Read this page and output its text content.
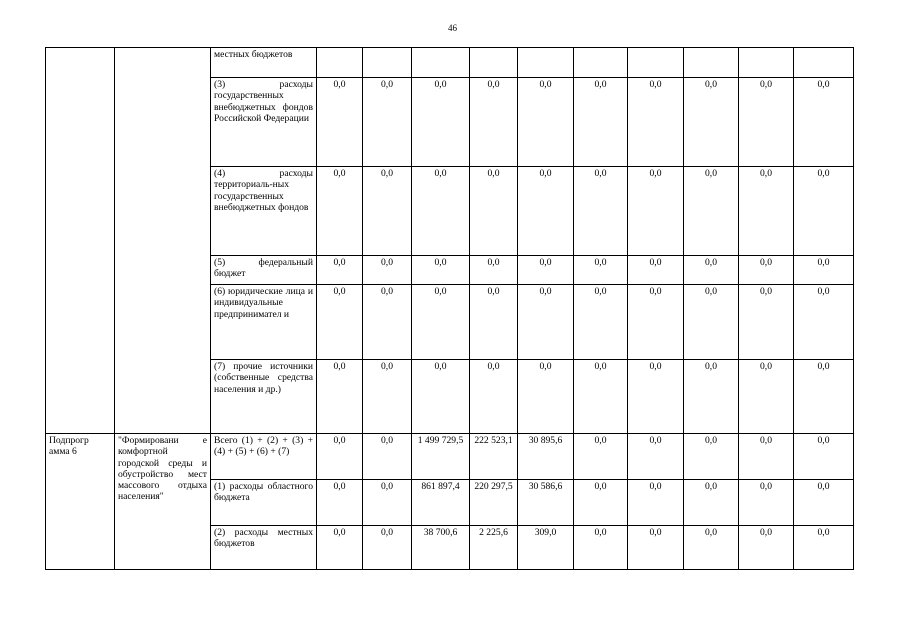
46
		местных бюджетов										
		(3) расходы государственных внебюджетных фондов Российской Федерации	0,0	0,0	0,0	0,0	0,0	0,0	0,0	0,0	0,0	0,0
		(4) расходы территориаль-ных государственных внебюджетных фондов	0,0	0,0	0,0	0,0	0,0	0,0	0,0	0,0	0,0	0,0
		(5) федеральный бюджет	0,0	0,0	0,0	0,0	0,0	0,0	0,0	0,0	0,0	0,0
		(6) юридические лица и индивидуальные предпринимател и	0,0	0,0	0,0	0,0	0,0	0,0	0,0	0,0	0,0	0,0
		(7) прочие источники (собственные средства населения и др.)	0,0	0,0	0,0	0,0	0,0	0,0	0,0	0,0	0,0	0,0
Подпрогр амма 6	"Формировани е комфортной городской среды и обустройство мест массового отдыха населения"	Всего (1) + (2) + (3) + (4) + (5) + (6) + (7)	0,0	0,0	1 499 729,5	222 523,1	30 895,6	0,0	0,0	0,0	0,0	0,0
		(1) расходы областного бюджета	0,0	0,0	861 897,4	220 297,5	30 586,6	0,0	0,0	0,0	0,0	0,0
		(2) расходы местных бюджетов	0,0	0,0	38 700,6	2 225,6	309,0	0,0	0,0	0,0	0,0	0,0
